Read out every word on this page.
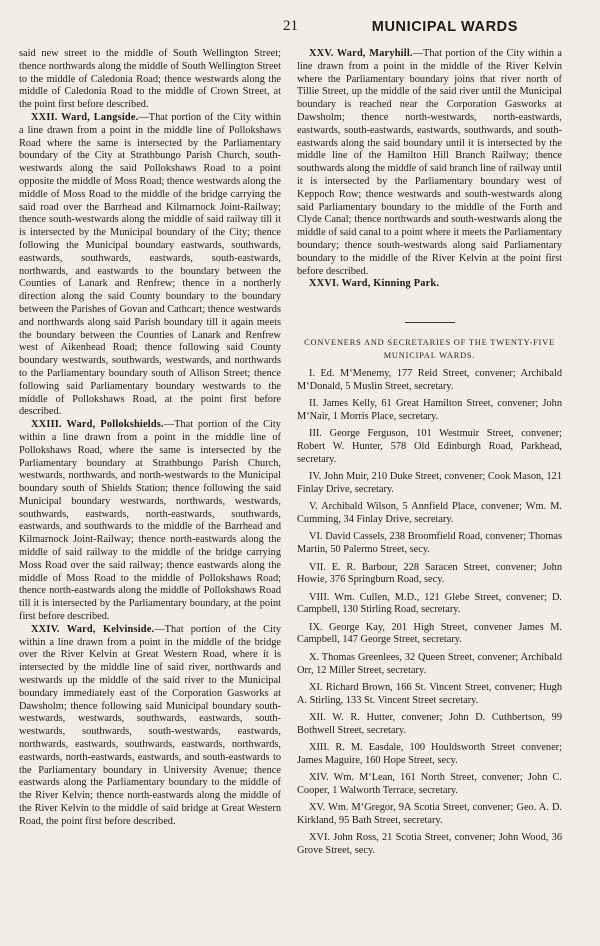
21	MUNICIPAL WARDS

said new street to the middle of South Wellington Street; thence northwards along the middle of South Wellington Street to the middle of Caledonia Road; thence westwards along the middle of Caledonia Road to the middle of Crown Street, at the point first before described.

XXII. Ward, Langside.—That portion of the City within a line drawn from a point in the middle line of Pollokshaws Road where the same is intersected by the Parliamentary boundary of the City at Strathbungo Parish Church, south-westwards along the said Pollokshaws Road to a point opposite the middle of Moss Road; thence westwards along the middle of Moss Road to the middle of the bridge carrying the said road over the Barrhead and Kilmarnock Joint-Railway; thence south-westwards along the middle of said railway till it is intersected by the Municipal boundary of the City; thence following the Municipal boundary eastwards, southwards, eastwards, southwards, eastwards, south-eastwards, northwards, and eastwards to the boundary between the Counties of Lanark and Renfrew; thence in a northerly direction along the said County boundary to the boundary between the Parishes of Govan and Cathcart; thence westwards and northwards along said Parish boundary till it again meets the boundary between the Counties of Lanark and Renfrew west of Aikenhead Road; thence following said County boundary westwards, southwards, westwards, and northwards to the Parliamentary boundary south of Allison Street; thence following said Parliamentary boundary westwards to the middle of Pollokshaws Road, at the point first before described.

XXIII. Ward, Pollokshields.—That portion of the City within a line drawn from a point in the middle line of Pollokshaws Road, where the same is intersected by the Parliamentary boundary at Strathbungo Parish Church, westwards, northwards, and north-westwards to the Municipal boundary south of Shields Station; thence following the said Municipal boundary westwards, northwards, westwards, southwards, eastwards, north-eastwards, southwards, eastwards, and southwards to the middle of the Barrhead and Kilmarnock Joint-Railway; thence north-eastwards along the middle of said railway to the middle of the bridge carrying Moss Road over the said railway; thence eastwards along the middle of Moss Road to the middle of Pollokshaws Road; thence north-eastwards along the middle of Pollokshaws Road till it is intersected by the Parliamentary boundary, at the point first before described.

XXIV. Ward, Kelvinside.—That portion of the City within a line drawn from a point in the middle of the bridge over the River Kelvin at Great Western Road, where it is intersected by the middle line of said river, northwards and westwards up the middle of the said river to the Municipal boundary immediately east of the Corporation Gasworks at Dawsholm; thence following said Municipal boundary south-westwards, westwards, southwards, eastwards, south-westwards, southwards, south-westwards, eastwards, northwards, eastwards, southwards, eastwards, northwards, eastwards, north-eastwards, eastwards, and south-eastwards to the Parliamentary boundary in University Avenue; thence eastwards along the Parliamentary boundary to the middle of the River Kelvin; thence north-eastwards along the middle of the River Kelvin to the middle of said bridge at Great Western Road, the point first before described.

XXV. Ward, Maryhill.—That portion of the City within a line drawn from a point in the middle of the River Kelvin where the Parliamentary boundary joins that river north of Tillie Street, up the middle of the said river until the Municipal boundary is reached near the Corporation Gasworks at Dawsholm; thence north-westwards, north-eastwards, eastwards, south-eastwards, eastwards, southwards, and south-eastwards along the said boundary until it is intersected by the middle line of the Hamilton Hill Branch Railway; thence southwards along the middle of said branch line of railway until it is intersected by the Parliamentary boundary west of Keppoch Row; thence westwards and south-westwards along said Parliamentary boundary to the middle of the Forth and Clyde Canal; thence northwards and south-westwards along the middle of said canal to a point where it meets the Parliamentary boundary; thence south-westwards along said Parliamentary boundary to the middle of the River Kelvin at the point first before described.

XXVI. Ward, Kinning Park.

CONVENERS AND SECRETARIES OF THE TWENTY-FIVE MUNICIPAL WARDS.

I. Ed. M‘Menemy, 177 Reid Street, convener; Archibald M‘Donald, 5 Muslin Street, secretary.

II. James Kelly, 61 Great Hamilton Street, convener; John M‘Nair, 1 Morris Place, secretary.

III. George Ferguson, 101 Westmuir Street, convener; Robert W. Hunter, 578 Old Edinburgh Road, Parkhead, secretary.

IV. John Muir, 210 Duke Street, convener; Cook Mason, 121 Finlay Drive, secretary.

V. Archibald Wilson, 5 Annfield Place, convener; Wm. M. Cumming, 34 Finlay Drive, secretary.

VI. David Cassels, 238 Broomfield Road, convener; Thomas Martin, 50 Palermo Street, secy.

VII. E. R. Barbour, 228 Saracen Street, convener; John Howie, 376 Springburn Road, secy.

VIII. Wm. Cullen, M.D., 121 Glebe Street, convener; D. Campbell, 130 Stirling Road, secretary.

IX. George Kay, 201 High Street, convener James M. Campbell, 147 George Street, secretary.

X. Thomas Greenlees, 32 Queen Street, convener; Archibald Orr, 12 Miller Street, secretary.

XI. Richard Brown, 166 St. Vincent Street, convener; Hugh A. Stirling, 133 St. Vincent Street secretary.

XII. W. R. Hutter, convener; John D. Cuthbertson, 99 Bothwell Street, secretary.

XIII. R. M. Easdale, 100 Houldsworth Street convener; James Maguire, 160 Hope Street, secy.

XIV. Wm. M‘Lean, 161 North Street, convener; John C. Cooper, 1 Walworth Terrace, secretary.

XV. Wm. M‘Gregor, 9A Scotia Street, convener; Geo. A. D. Kirkland, 95 Bath Street, secretary.

XVI. John Ross, 21 Scotia Street, convener; John Wood, 36 Grove Street, secy.
